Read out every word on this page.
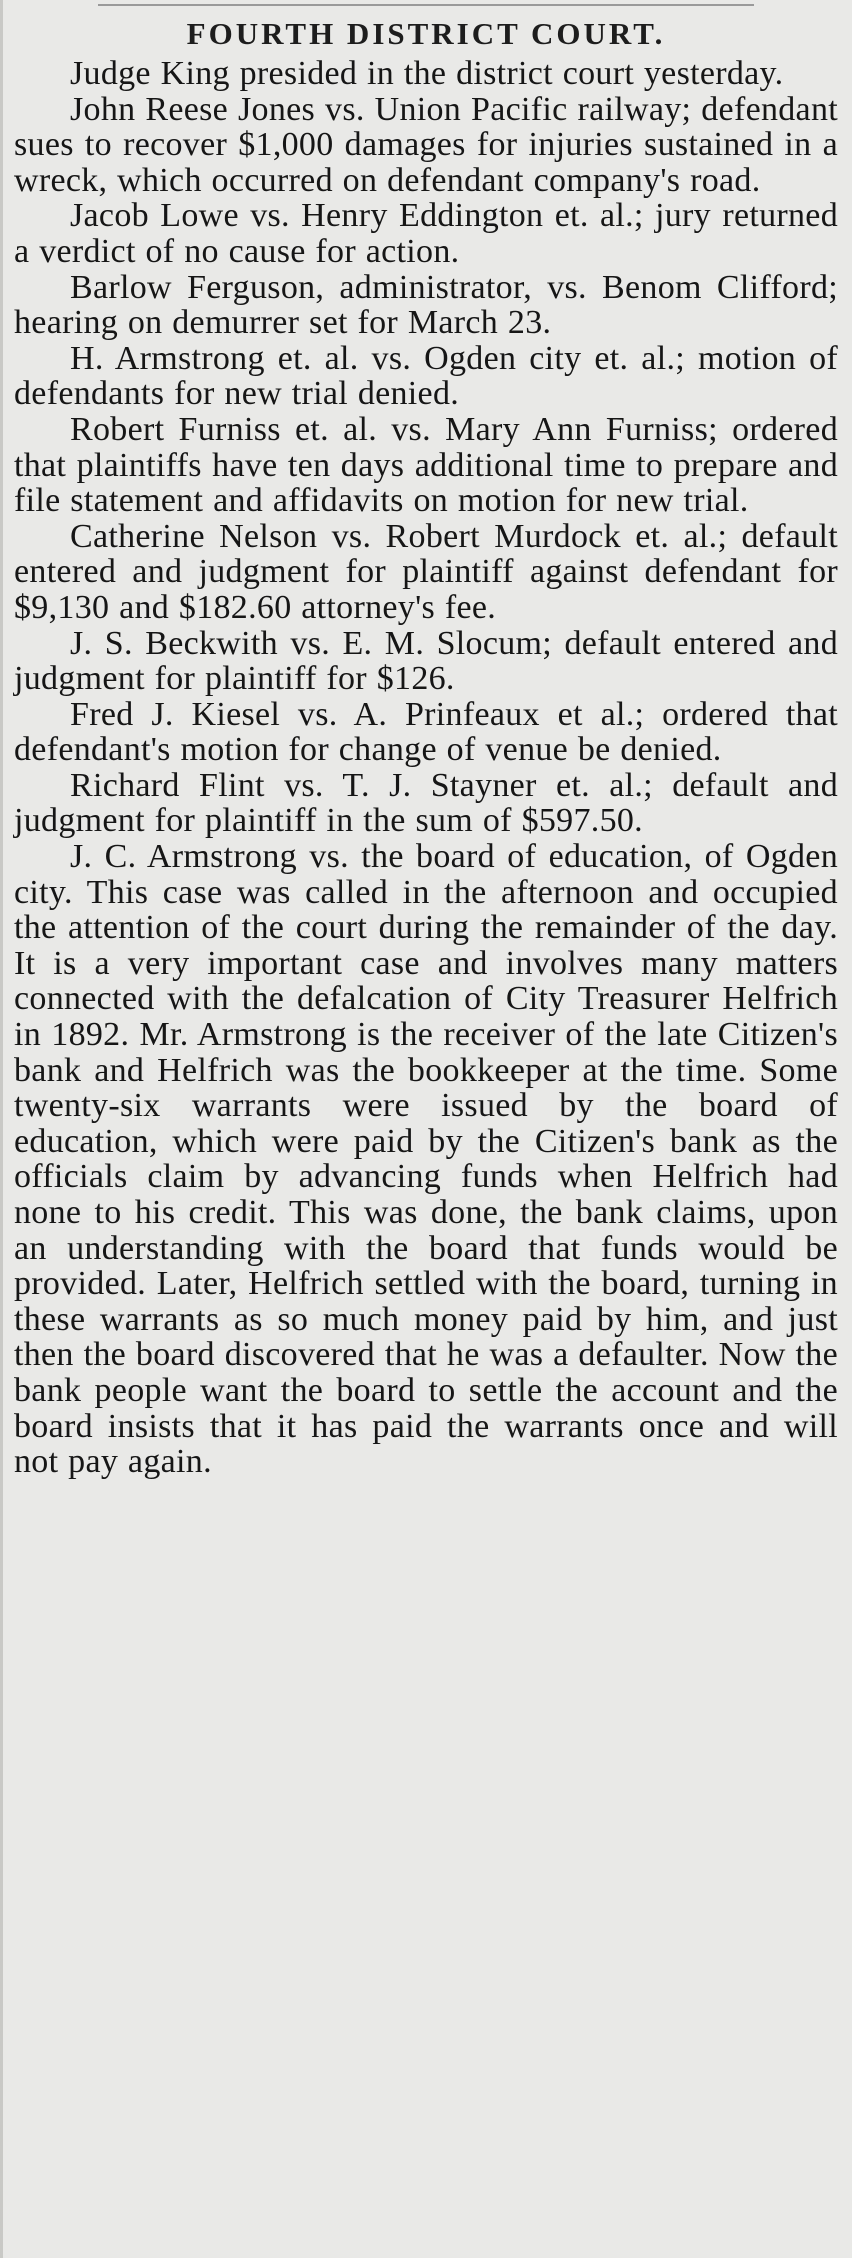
FOURTH DISTRICT COURT.

Judge King presided in the district court yesterday.

John Reese Jones vs. Union Pacific railway; defendant sues to recover $1,000 damages for injuries sustained in a wreck, which occurred on defendant company's road.

Jacob Lowe vs. Henry Eddington et. al.; jury returned a verdict of no cause for action.

Barlow Ferguson, administrator, vs. Benom Clifford; hearing on demurrer set for March 23.

H. Armstrong et. al. vs. Ogden city et. al.; motion of defendants for new trial denied.

Robert Furniss et. al. vs. Mary Ann Furniss; ordered that plaintiffs have ten days additional time to prepare and file statement and affidavits on motion for new trial.

Catherine Nelson vs. Robert Murdock et. al.; default entered and judgment for plaintiff against defendant for $9,130 and $182.60 attorney's fee.

J. S. Beckwith vs. E. M. Slocum; default entered and judgment for plaintiff for $126.

Fred J. Kiesel vs. A. Prinfeaux et al.; ordered that defendant's motion for change of venue be denied.

Richard Flint vs. T. J. Stayner et. al.; default and judgment for plaintiff in the sum of $597.50.

J. C. Armstrong vs. the board of education, of Ogden city. This case was called in the afternoon and occupied the attention of the court during the remainder of the day. It is a very important case and involves many matters connected with the defalcation of City Treasurer Helfrich in 1892. Mr. Armstrong is the receiver of the late Citizen's bank and Helfrich was the bookkeeper at the time. Some twenty-six warrants were issued by the board of education, which were paid by the Citizen's bank as the officials claim by advancing funds when Helfrich had none to his credit. This was done, the bank claims, upon an understanding with the board that funds would be provided. Later, Helfrich settled with the board, turning in these warrants as so much money paid by him, and just then the board discovered that he was a defaulter. Now the bank people want the board to settle the account and the board insists that it has paid the warrants once and will not pay again.
